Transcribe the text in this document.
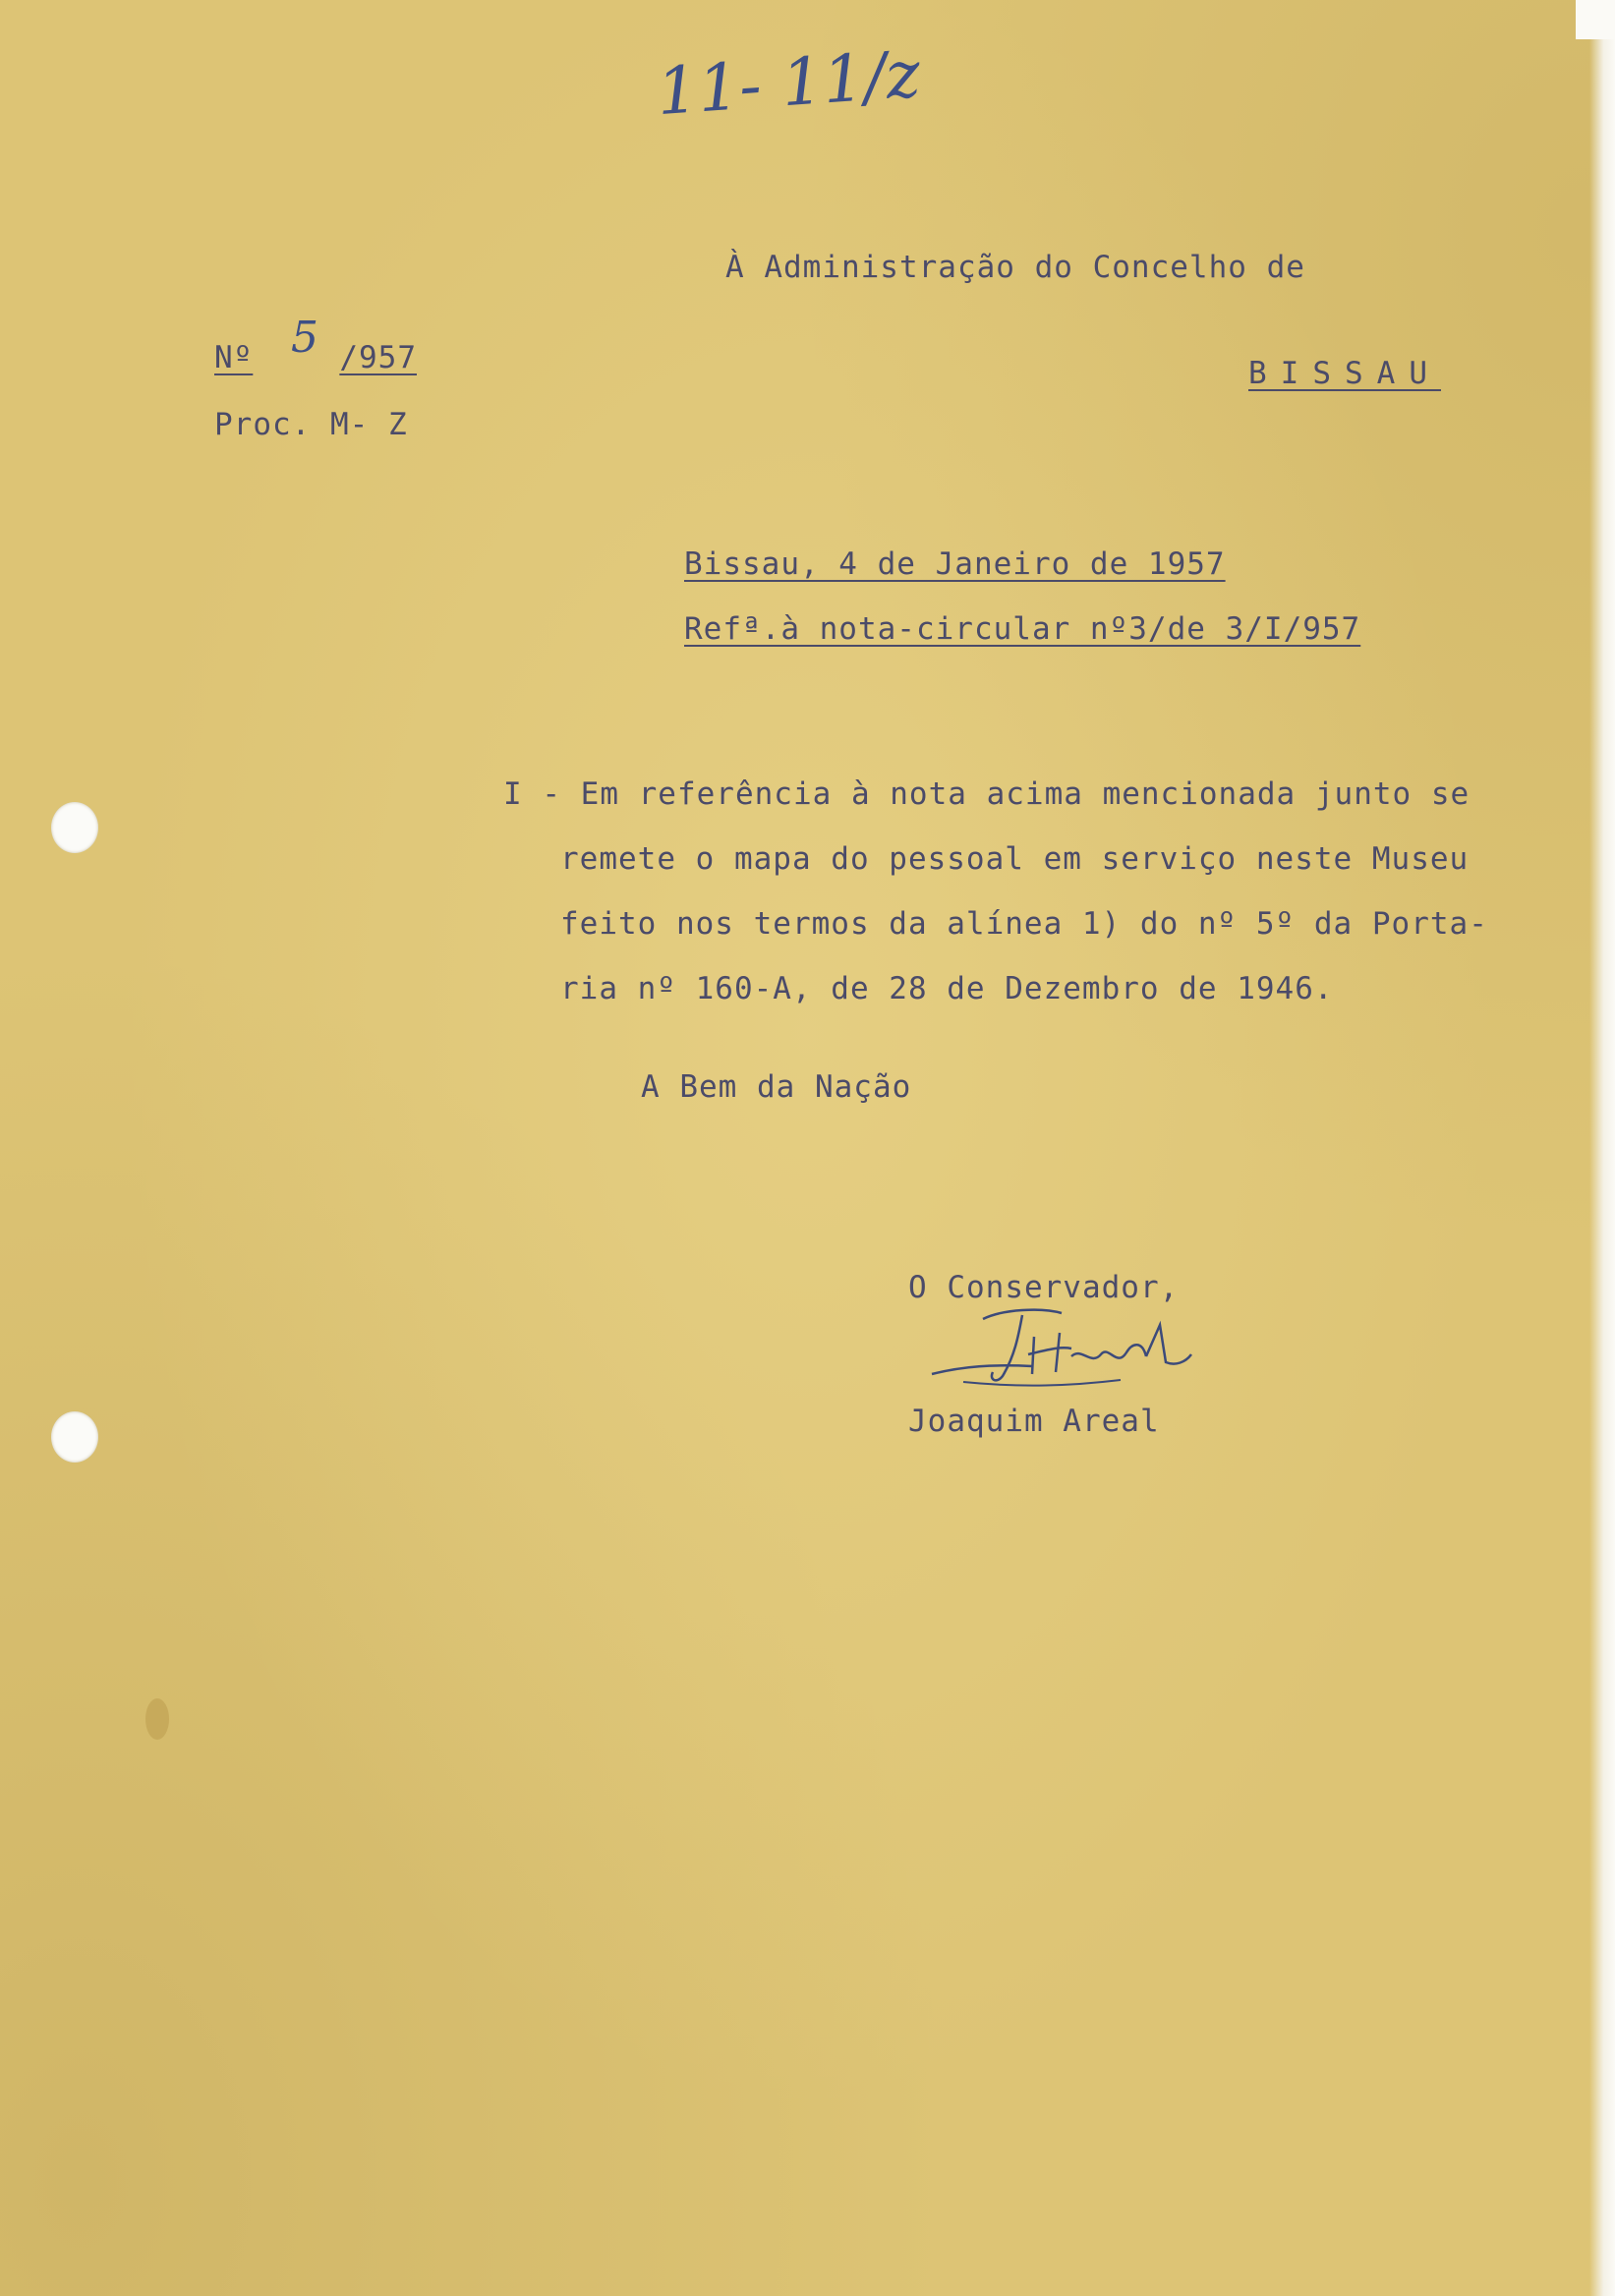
11- 11/z
À Administração do Concelho de
Nº	/957
5
Proc. M- Z
BISSAU
Bissau, 4 de Janeiro de 1957
Refª.à nota-circular nº3/de 3/I/957
I - Em referência à nota acima mencionada junto se
remete o mapa do pessoal em serviço neste Museu
feito nos termos da alínea 1) do nº 5º da Porta-
ria nº 160-A, de 28 de Dezembro de 1946.
A Bem da Nação
O Conservador,
Joaquim Areal
